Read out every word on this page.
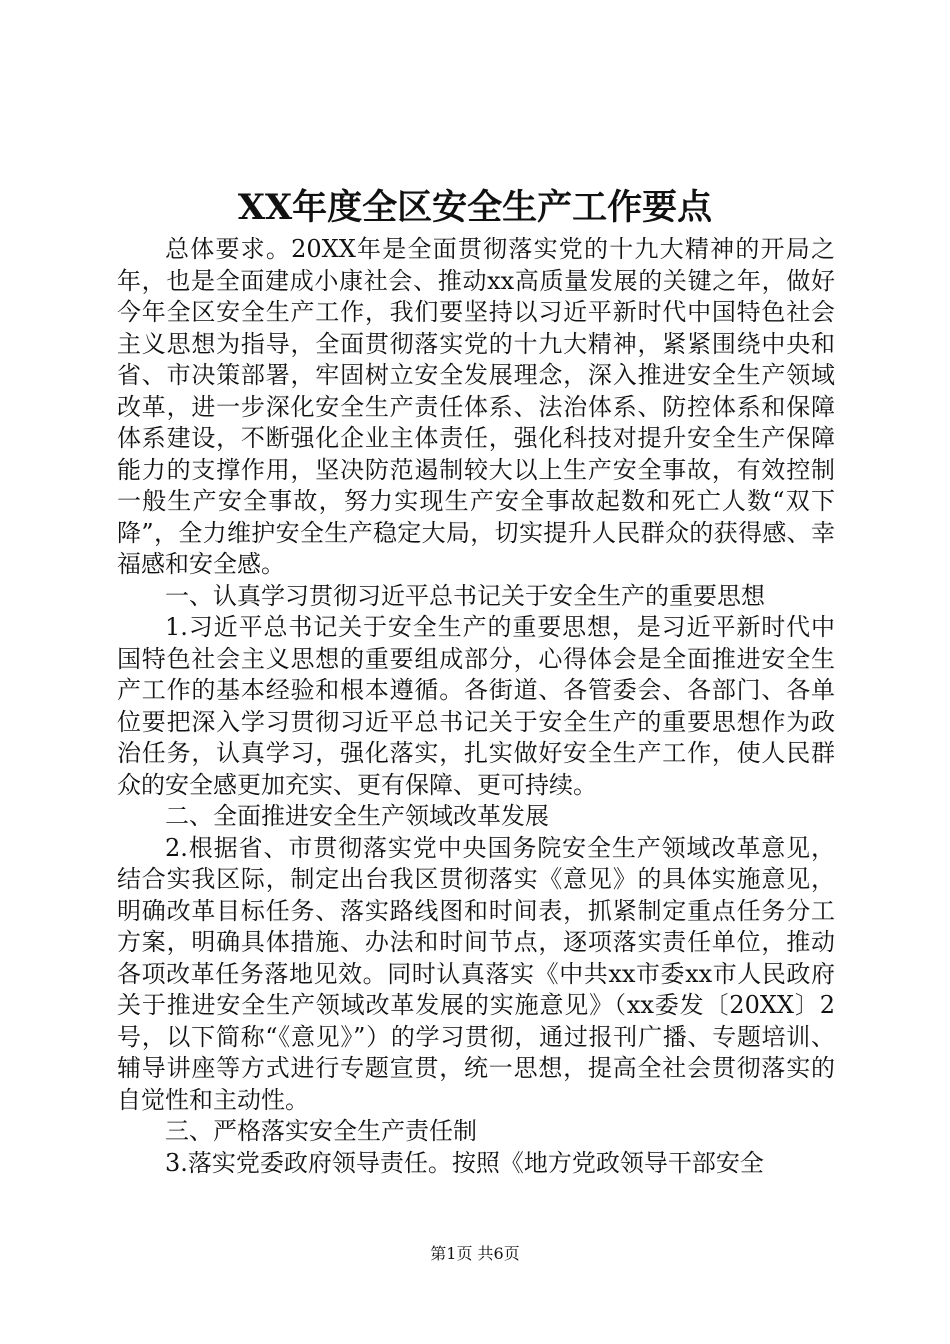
XX年度全区安全生产工作要点

总体要求。20XX年是全面贯彻落实党的十九大精神的开局之年，也是全面建成小康社会、推动xx高质量发展的关键之年，做好今年全区安全生产工作，我们要坚持以习近平新时代中国特色社会主义思想为指导，全面贯彻落实党的十九大精神，紧紧围绕中央和省、市决策部署，牢固树立安全发展理念，深入推进安全生产领域改革，进一步深化安全生产责任体系、法治体系、防控体系和保障体系建设，不断强化企业主体责任，强化科技对提升安全生产保障能力的支撑作用，坚决防范遏制较大以上生产安全事故，有效控制一般生产安全事故，努力实现生产安全事故起数和死亡人数“双下降”，全力维护安全生产稳定大局，切实提升人民群众的获得感、幸福感和安全感。

一、认真学习贯彻习近平总书记关于安全生产的重要思想

1.习近平总书记关于安全生产的重要思想，是习近平新时代中国特色社会主义思想的重要组成部分，心得体会是全面推进安全生产工作的基本经验和根本遵循。各街道、各管委会、各部门、各单位要把深入学习贯彻习近平总书记关于安全生产的重要思想作为政治任务，认真学习，强化落实，扎实做好安全生产工作，使人民群众的安全感更加充实、更有保障、更可持续。

二、全面推进安全生产领域改革发展

2.根据省、市贯彻落实党中央国务院安全生产领域改革意见，结合实我区际，制定出台我区贯彻落实《意见》的具体实施意见，明确改革目标任务、落实路线图和时间表，抓紧制定重点任务分工方案，明确具体措施、办法和时间节点，逐项落实责任单位，推动各项改革任务落地见效。同时认真落实《中共xx市委xx市人民政府关于推进安全生产领域改革发展的实施意见》（xx委发〔20XX〕2号，以下简称“《意见》”）的学习贯彻，通过报刊广播、专题培训、辅导讲座等方式进行专题宣贯，统一思想，提高全社会贯彻落实的自觉性和主动性。

三、严格落实安全生产责任制

3.落实党委政府领导责任。按照《地方党政领导干部安全

第1页 共6页
